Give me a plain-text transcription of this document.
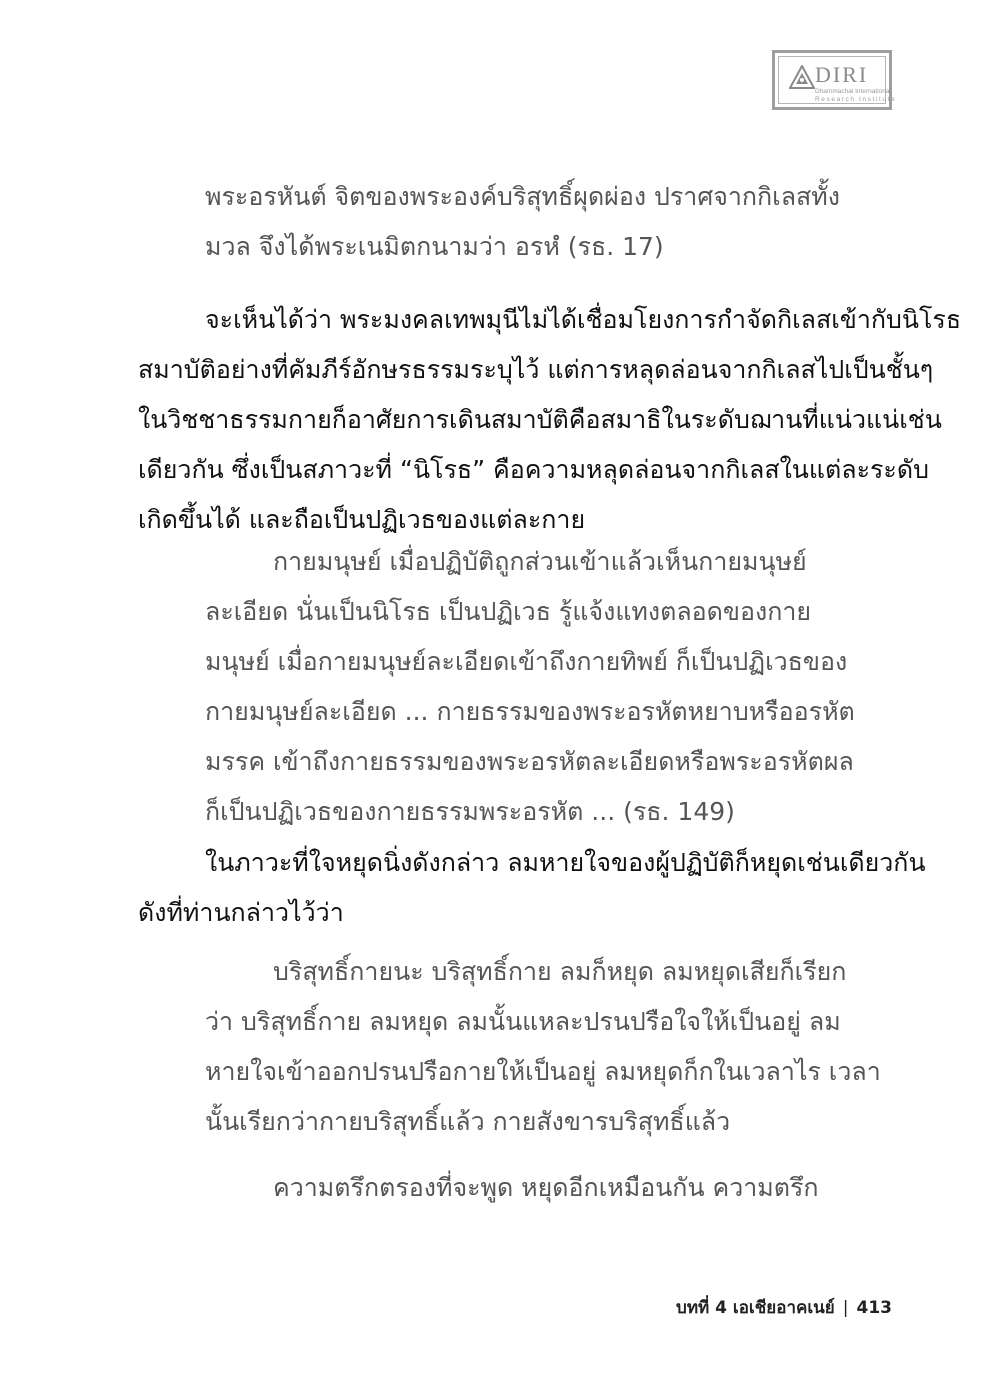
DIRI
Dhammachai International
Research Institute
พระอรหันต์ จิตของพระองค์บริสุทธิ์ผุดผ่อง ปราศจากกิเลสทั้ง
มวล จึงได้พระเนมิตกนามว่า อรหํ (รธ. 17)
จะเห็นได้ว่า พระมงคลเทพมุนีไม่ได้เชื่อมโยงการกำจัดกิเลสเข้ากับนิโรธ
สมาบัติอย่างที่คัมภีร์อักษรธรรมระบุไว้ แต่การหลุดล่อนจากกิเลสไปเป็นชั้นๆ
ในวิชชาธรรมกายก็อาศัยการเดินสมาบัติคือสมาธิในระดับฌานที่แน่วแน่เช่น
เดียวกัน ซึ่งเป็นสภาวะที่ “นิโรธ” คือความหลุดล่อนจากกิเลสในแต่ละระดับ
เกิดขึ้นได้ และถือเป็นปฏิเวธของแต่ละกาย
กายมนุษย์ เมื่อปฏิบัติถูกส่วนเข้าแล้วเห็นกายมนุษย์
ละเอียด นั่นเป็นนิโรธ เป็นปฏิเวธ รู้แจ้งแทงตลอดของกาย
มนุษย์ เมื่อกายมนุษย์ละเอียดเข้าถึงกายทิพย์ ก็เป็นปฏิเวธของ
กายมนุษย์ละเอียด ... กายธรรมของพระอรหัตหยาบหรืออรหัต
มรรค เข้าถึงกายธรรมของพระอรหัตละเอียดหรือพระอรหัตผล
ก็เป็นปฏิเวธของกายธรรมพระอรหัต ... (รธ. 149)
ในภาวะที่ใจหยุดนิ่งดังกล่าว ลมหายใจของผู้ปฏิบัติก็หยุดเช่นเดียวกัน
ดังที่ท่านกล่าวไว้ว่า
บริสุทธิ์กายนะ บริสุทธิ์กาย ลมก็หยุด ลมหยุดเสียก็เรียก
ว่า บริสุทธิ์กาย ลมหยุด ลมนั้นแหละปรนปรือใจให้เป็นอยู่ ลม
หายใจเข้าออกปรนปรือกายให้เป็นอยู่ ลมหยุดก็กในเวลาไร เวลา
นั้นเรียกว่ากายบริสุทธิ์แล้ว กายสังขารบริสุทธิ์แล้ว
ความตรึกตรองที่จะพูด หยุดอีกเหมือนกัน ความตรึก
บทที่ 4 เอเชียอาคเนย์ | 413
